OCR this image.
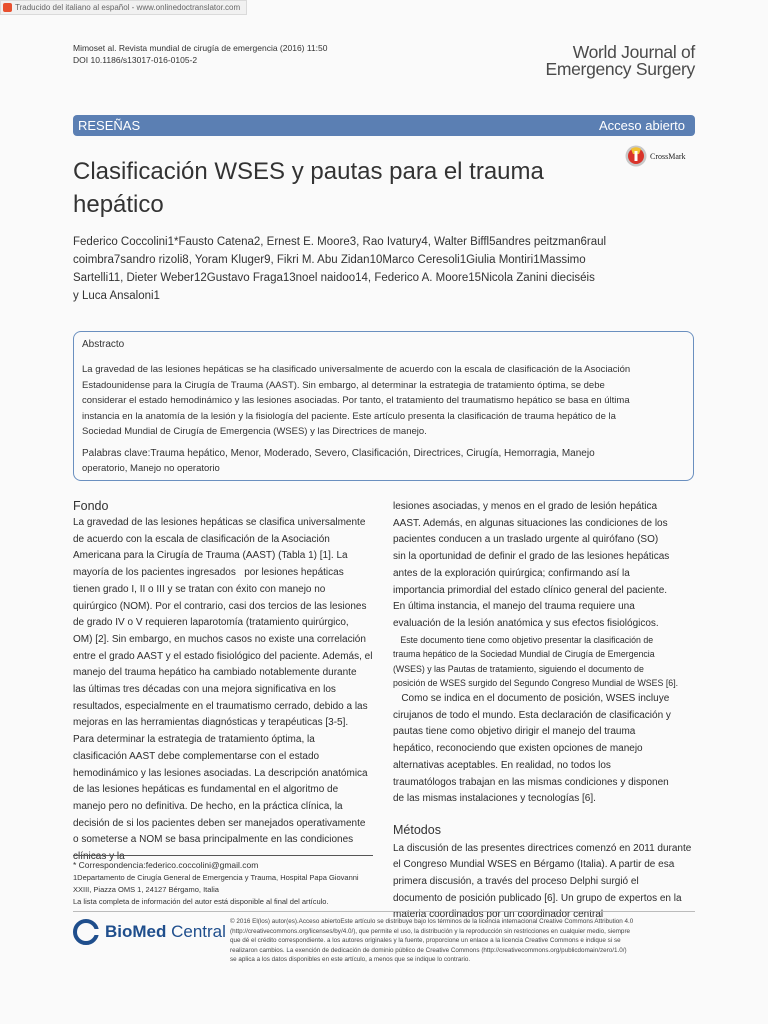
Traducido del italiano al español - www.onlinedoctranslator.com
Mimoset al. Revista mundial de cirugía de emergencia (2016) 11:50
DOI 10.1186/s13017-016-0105-2	World Journal of
Emergency Surgery
RESEÑAS	Acceso abierto
Clasificación WSES y pautas para el trauma hepático
CrossMark
Federico Coccolini1*Fausto Catena2, Ernest E. Moore3, Rao Ivatury4, Walter Biffl5andres peitzman6raul
coimbra7sandro rizoli8, Yoram Kluger9, Fikri M. Abu Zidan10Marco Ceresoli1Giulia Montiri1Massimo
Sartelli11, Dieter Weber12Gustavo Fraga13noel naidoo14, Federico A. Moore15Nicola Zanini dieciséis
y Luca Ansaloni1
Abstracto
La gravedad de las lesiones hepáticas se ha clasificado universalmente de acuerdo con la escala de clasificación de la Asociación
Estadounidense para la Cirugía de Trauma (AAST). Sin embargo, al determinar la estrategia de tratamiento óptima, se debe
considerar el estado hemodinámico y las lesiones asociadas. Por tanto, el tratamiento del traumatismo hepático se basa en última
instancia en la anatomía de la lesión y la fisiología del paciente. Este artículo presenta la clasificación de trauma hepático de la
Sociedad Mundial de Cirugía de Emergencia (WSES) y las Directrices de manejo.
Palabras clave:Trauma hepático, Menor, Moderado, Severo, Clasificación, Directrices, Cirugía, Hemorragia, Manejo
operatorio, Manejo no operatorio
Fondo
La gravedad de las lesiones hepáticas se clasifica universalmente
de acuerdo con la escala de clasificación de la Asociación
Americana para la Cirugía de Trauma (AAST) (Tabla 1) [1]. La
mayoría de los pacientes ingresados   por lesiones hepáticas
tienen grado I, II o III y se tratan con éxito con manejo no
quirúrgico (NOM). Por el contrario, casi dos tercios de las lesiones
de grado IV o V requieren laparotomía (tratamiento quirúrgico,
OM) [2]. Sin embargo, en muchos casos no existe una correlación
entre el grado AAST y el estado fisiológico del paciente. Además, el
manejo del trauma hepático ha cambiado notablemente durante
las últimas tres décadas con una mejora significativa en los
resultados, especialmente en el traumatismo cerrado, debido a las
mejoras en las herramientas diagnósticas y terapéuticas [3-5].
Para determinar la estrategia de tratamiento óptima, la
clasificación AAST debe complementarse con el estado
hemodinámico y las lesiones asociadas. La descripción anatómica
de las lesiones hepáticas es fundamental en el algoritmo de
manejo pero no definitiva. De hecho, en la práctica clínica, la
decisión de si los pacientes deben ser manejados operativamente
o someterse a NOM se basa principalmente en las condiciones
clínicas y la
* Correspondencia:federico.coccolini@gmail.com
1Departamento de Cirugía General de Emergencia y Trauma, Hospital Papa Giovanni
XXIII, Piazza OMS 1, 24127 Bérgamo, Italia
La lista completa de información del autor está disponible al final del artículo.
lesiones asociadas, y menos en el grado de lesión hepática
AAST. Además, en algunas situaciones las condiciones de los
pacientes conducen a un traslado urgente al quirófano (SO)
sin la oportunidad de definir el grado de las lesiones hepáticas
antes de la exploración quirúrgica; confirmando así la
importancia primordial del estado clínico general del paciente.
En última instancia, el manejo del trauma requiere una
evaluación de la lesión anatómica y sus efectos fisiológicos.
Este documento tiene como objetivo presentar la clasificación de
trauma hepático de la Sociedad Mundial de Cirugía de Emergencia
(WSES) y las Pautas de tratamiento, siguiendo el documento de
posición de WSES surgido del Segundo Congreso Mundial de WSES [6].
Como se indica en el documento de posición, WSES incluye
cirujanos de todo el mundo. Esta declaración de clasificación y
pautas tiene como objetivo dirigir el manejo del trauma
hepático, reconociendo que existen opciones de manejo
alternativas aceptables. En realidad, no todos los
traumatólogos trabajan en las mismas condiciones y disponen
de las mismas instalaciones y tecnologías [6].
Métodos
La discusión de las presentes directrices comenzó en 2011 durante
el Congreso Mundial WSES en Bérgamo (Italia). A partir de esa
primera discusión, a través del proceso Delphi surgió el
documento de posición publicado [6]. Un grupo de expertos en la
materia coordinados por un coordinador central
BioMed Central
© 2016 El(los) autor(es).Acceso abiertoEste artículo se distribuye bajo los términos de la licencia internacional Creative Commons Attribution 4.0
(http://creativecommons.org/licenses/by/4.0/), que permite el uso, la distribución y la reproducción sin restricciones en cualquier medio, siempre
que dé el crédito correspondiente. a los autores originales y la fuente, proporcione un enlace a la licencia Creative Commons e indique si se
realizaron cambios. La exención de dedicación de dominio público de Creative Commons (http://creativecommons.org/publicdomain/zero/1.0/)
se aplica a los datos disponibles en este artículo, a menos que se indique lo contrario.
